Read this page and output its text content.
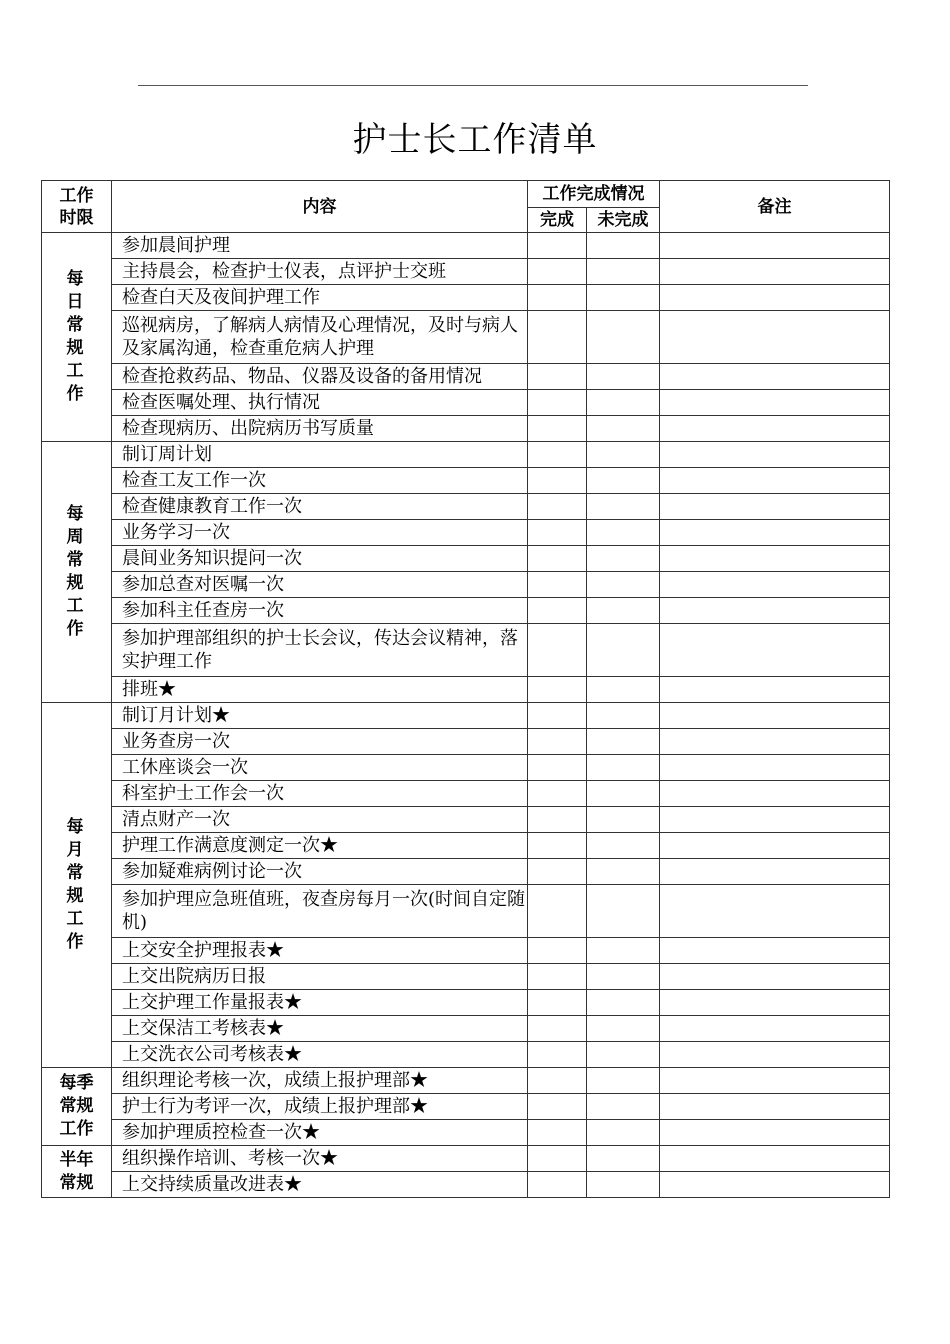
护士长工作清单
工作时限	内容	工作完成情况		备注
		完成	未完成	

每日常规工作	参加晨间护理			
	主持晨会，检查护士仪表，点评护士交班			
	检查白天及夜间护理工作			
	巡视病房，了解病人病情及心理情况，及时与病人及家属沟通，检查重危病人护理			
	检查抢救药品、物品、仪器及设备的备用情况			
	检查医嘱处理、执行情况			
	检查现病历、出院病历书写质量			

每周常规工作	制订周计划			
	检查工友工作一次			
	检查健康教育工作一次			
	业务学习一次			
	晨间业务知识提问一次			
	参加总查对医嘱一次			
	参加科主任查房一次			
	参加护理部组织的护士长会议，传达会议精神，落实护理工作			
	排班★			

每月常规工作	制订月计划★			
	业务查房一次			
	工休座谈会一次			
	科室护士工作会一次			
	清点财产一次			
	护理工作满意度测定一次★			
	参加疑难病例讨论一次			
	参加护理应急班值班，夜查房每月一次(时间自定随机)			
	上交安全护理报表★			
	上交出院病历日报			
	上交护理工作量报表★			
	上交保洁工考核表★			
	上交洗衣公司考核表★			

每季常规工作	组织理论考核一次，成绩上报护理部★			
	护士行为考评一次，成绩上报护理部★			
	参加护理质控检查一次★			

半年常规	组织操作培训、考核一次★			
	上交持续质量改进表★			
